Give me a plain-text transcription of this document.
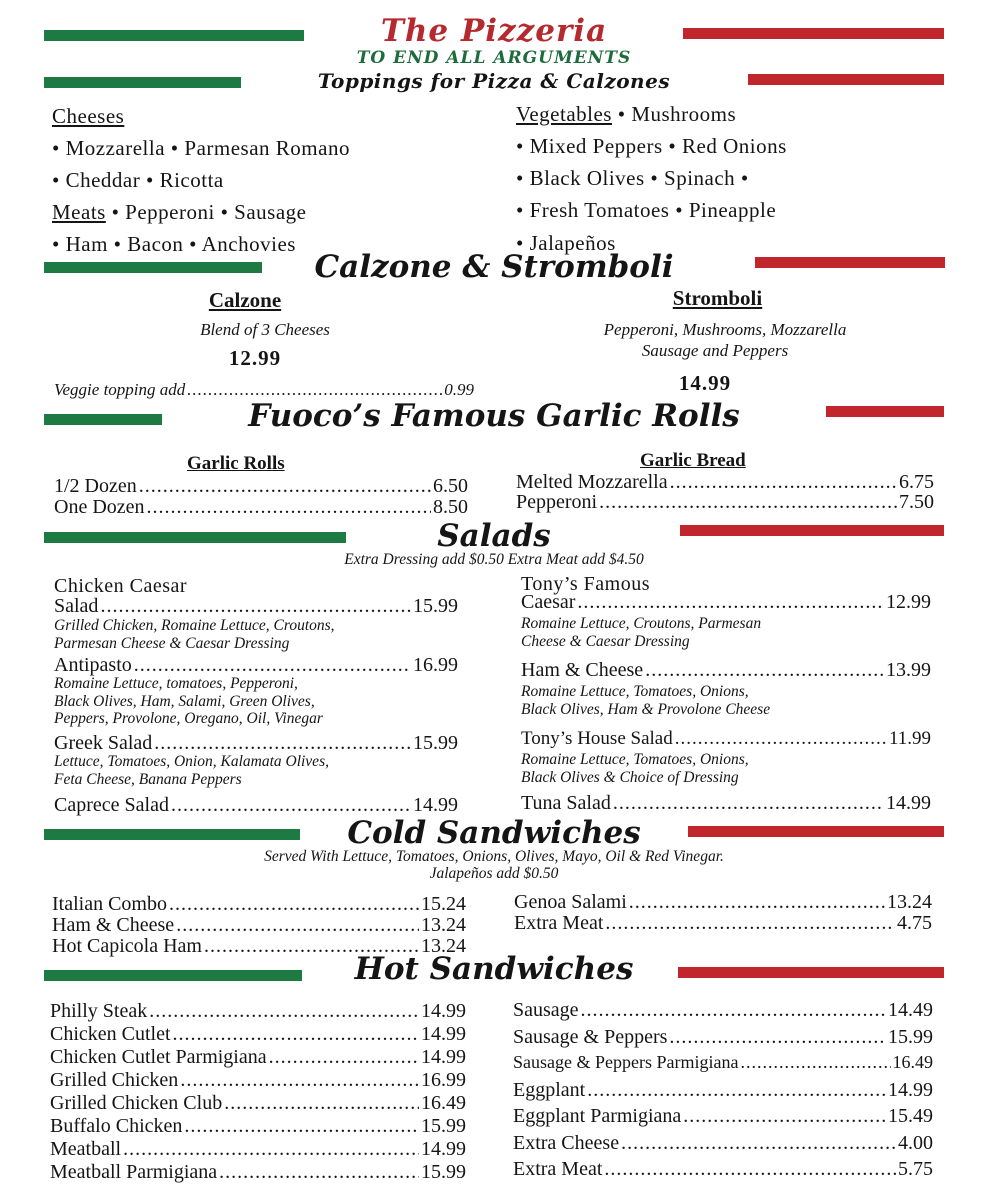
The Pizzeria
TO END ALL ARGUMENTS
Toppings for Pizza & Calzones
Cheeses
• Mozzarella • Parmesan Romano
• Cheddar • Ricotta
Meats • Pepperoni • Sausage
• Ham • Bacon • Anchovies
Vegetables • Mushrooms
• Mixed Peppers • Red Onions
• Black Olives • Spinach •
• Fresh Tomatoes • Pineapple
• Jalapeños
Calzone & Stromboli
Calzone
Blend of 3 Cheeses
12.99
Veggie topping add .....	0.99
Stromboli
Pepperoni, Mushrooms, Mozzarella
Sausage and Peppers
14.99
Fuoco’s Famous Garlic Rolls
Garlic Rolls
1/2 Dozen .....	6.50
One Dozen .....	8.50
Garlic Bread
Melted Mozzarella .....	6.75
Pepperoni .....	7.50
Salads
Extra Dressing add $0.50 Extra Meat add $4.50
Chicken Caesar
Salad .....	15.99
Grilled Chicken, Romaine Lettuce, Croutons,
Parmesan Cheese & Caesar Dressing
Antipasto .....	16.99
Romaine Lettuce, tomatoes, Pepperoni,
Black Olives, Ham, Salami, Green Olives,
Peppers, Provolone, Oregano, Oil, Vinegar
Greek Salad .....	15.99
Lettuce, Tomatoes, Onion, Kalamata Olives,
Feta Cheese, Banana Peppers
Caprece Salad .....	14.99
Tony’s Famous
Caesar .....	12.99
Romaine Lettuce, Croutons, Parmesan
Cheese & Caesar Dressing
Ham & Cheese .....	13.99
Romaine Lettuce, Tomatoes, Onions,
Black Olives, Ham & Provolone Cheese
Tony’s House Salad .....	11.99
Romaine Lettuce, Tomatoes, Onions,
Black Olives & Choice of Dressing
Tuna Salad .....	14.99
Cold Sandwiches
Served With Lettuce, Tomatoes, Onions, Olives, Mayo, Oil & Red Vinegar.
Jalapeños add $0.50
Italian Combo .....	15.24
Ham & Cheese .....	13.24
Hot Capicola Ham .....	13.24
Genoa Salami .....	13.24
Extra Meat .....	4.75
Hot Sandwiches
Philly Steak .....	14.99
Chicken Cutlet .....	14.99
Chicken Cutlet Parmigiana .....	14.99
Grilled Chicken .....	16.99
Grilled Chicken Club .....	16.49
Buffalo Chicken .....	15.99
Meatball .....	14.99
Meatball Parmigiana .....	15.99
Sausage .....	14.49
Sausage & Peppers .....	15.99
Sausage & Peppers Parmigiana .....	16.49
Eggplant .....	14.99
Eggplant Parmigiana .....	15.49
Extra Cheese .....	4.00
Extra Meat .....	5.75
